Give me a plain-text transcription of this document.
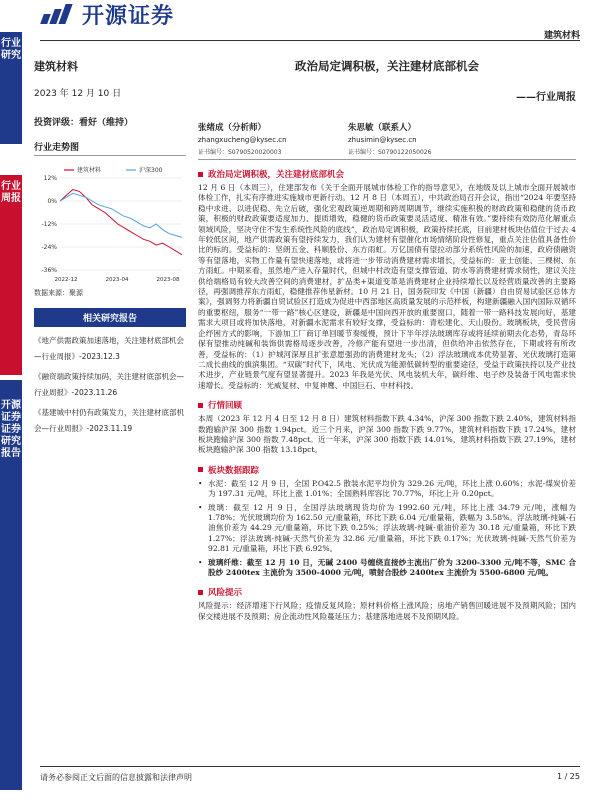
开源证券
建筑材料
行业研究
行业周报
开源证券 证券研究报告
建筑材料
2023 年 12 月 10 日
投资评级：看好（维持）
行业走势图
12%
0%
-12%
-24%
-36%
2022-12	2023-04	2023-08
建筑材料	沪深300
数据来源：聚源
相关研究报告
《地产供需政策加速落地，关注建材底部机会—行业周报》-2023.12.3
《融资端政策持续加码，关注建材底部机会—行业周报》-2023.11.26
《基建城中村仍有政策发力，关注建材底部机会—行业周报》-2023.11.19
政治局定调积极，关注建材底部机会
——行业周报
张绪成（分析师）
zhangxucheng@kysec.cn
证书编号：S0790520020003
朱思敏（联系人）
zhusimin@kysec.cn
证书编号：S0790122050026
政治局定调积极，关注建材底部机会
12 月 6 日（本周三），住建部发布《关于全面开展城市体检工作的指导意见》，在地级及以上城市全面开展城市体检工作，扎实有序推进实施城市更新行动。12 月 8 日（本周五），中共政治局召开会议，指出“2024 年要坚持稳中求进、以进促稳、先立后破，强化宏观政策逆周期和跨周期调节，继续实施积极的财政政策和稳健的货币政策，积极的财政政策要适度加力、提质增效，稳健的货币政策要灵活适度、精准有效。”要持续有效防范化解重点领域风险，坚决守住不发生系统性风险的底线”，政治局定调积极，政策持续托底，目前建材板块估值位于过去 4 年较低区间，地产供需政策有望持续发力，我们认为建材有望催化市场情绪阶段性修复，重点关注估值具备性价比的标的。受益标的：坚朗五金、科顺股份、东方雨虹。万亿国债有望拉动部分系统性风险的加速，政府债融资等有望落地，实物工作量有望快速落地，或将进一步带动消费建材需求增长，受益标的：亚士创能、三棵树、东方雨虹。中期来看，虽然地产进入存量时代，但城中村改造有望支撑管道、防水等消费建材需求韧性，建议关注供给端格局有较大改善空间的消费建材，扩品类+渠道变革是消费建材企业持续增长以及经营质量改善的主要路径，再强调推荐东方雨虹，稳健推荐伟星新材。10 月 21 日，国务院印发《中国（新疆）自由贸易试验区总体方案》，强调努力将新疆自贸试验区打造成为促进中西部地区高质量发展的示范样板，构建新疆融入国内国际双循环的重要枢纽，服务“一带一路”核心区建设，新疆是中国向西开放的重要窗口，随着一带一路科技发展向好，基建需求大项目或将加快落地，对新疆水泥需求有较好支撑，受益标的：青松建化、天山股份。玻璃板块，受民营房企纾困方式的影响，下游加工厂商订单回暖节奏缓慢，预计下半年浮法玻璃库存或将延续前期去化态势，青岛环保有望推动纯碱和装饰供需格局逐步改善，冷修产能有望进一步出清，但供给冲击依然存在，下期或将有所改善，受益标的：（1）护城河深厚且扩张意愿强劲的消费建材龙头；（2）浮法玻璃成本优势显著、光伏玻璃打造第二成长曲线的旗滨集团。“双碳”时代下，风电、光伏成为能源低碳转型的重要途径，受益于政策扶持以及产业技术进步，产业链景气度有望显著提升。2023 年我是光伏、风电装机大年，碳纤维、电子纱及装备于风电需求快速增长。受益标的：光威复材、中复神鹰、中国巨石、中材科技。
行情回顾
本周（2023 年 12 月 4 日至 12 月 8 日）建筑材料指数下跌 4.34%，沪深 300 指数下跌 2.40%，建筑材料指数跑输沪深 300 指数 1.94pct。近三个月来，沪深 300 指数下跌 9.77%，建筑材料指数下跌 17.24%，建材板块跑输沪深 300 指数 7.48pct。近一年来，沪深 300 指数下跌 14.01%，建筑材料指数下跌 27.19%，建材板块跑输沪深 300 指数 13.18pct。
板块数据跟踪
• 水泥：截至 12 月 9 日，全国 P.O42.5 散装水泥平均价为 329.26 元/吨，环比上涨 0.60%；水泥-煤炭价差为 197.31 元/吨，环比上涨 1.01%；全国熟料库容比 70.77%，环比上升 0.20pct。
• 玻璃：截至 12 月 9 日，全国浮法玻璃现货均价为 1992.60 元/吨，环比上涨 34.79 元/吨，涨幅为 1.78%；光伏玻璃均价为 162.50 元/重量箱，环比下跌 6.04 元/重量箱，跌幅为 3.58%。浮法玻璃-纯碱-石油焦价差为 44.29 元/重量箱，环比下跌 0.25%；浮法玻璃-纯碱-重油价差为 30.18 元/重量箱，环比下跌 1.27%；浮法玻璃-纯碱-天然气价差为 32.86 元/重量箱，环比下跌 0.17%；光伏玻璃-纯碱-天然气价差为 92.81 元/重量箱，环比下跌 6.92%。
• 玻璃纤维：截至 12 月 10 日，无碱 2400 号缠绕直接纱主流出厂价为 3200-3300 元/吨不等，SMC 合股纱 2400tex 主流价为 3500-4000 元/吨，喷射合股纱 2400tex 主流价为 5500-6800 元/吨。
风险提示
风险提示：经济增速下行风险；疫情反复风险；原材料价格上涨风险；房地产销售回暖进展不及预期风险；国内保交楼进展不及预期；房企流动性风险蔓延压力；基建落地进展不及预期风险。
请务必参阅正文后面的信息披露和法律声明	1 / 25
